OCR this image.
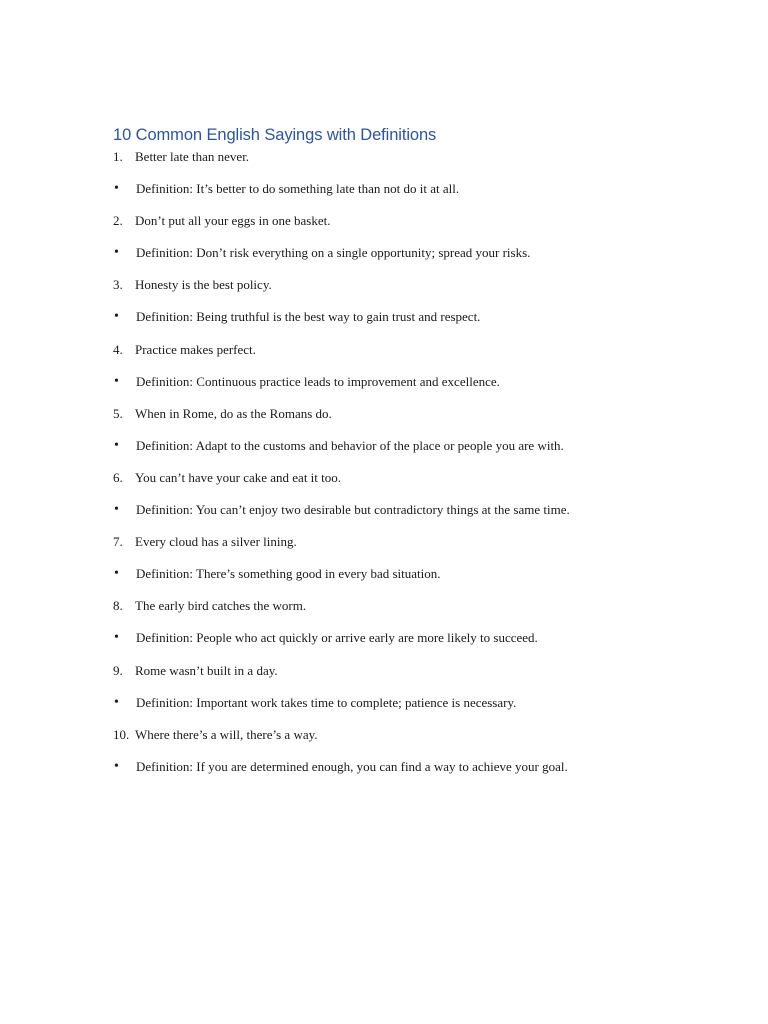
10 Common English Sayings with Definitions
1. Better late than never.
•	Definition: It’s better to do something late than not do it at all.
2. Don’t put all your eggs in one basket.
•	Definition: Don’t risk everything on a single opportunity; spread your risks.
3. Honesty is the best policy.
•	Definition: Being truthful is the best way to gain trust and respect.
4. Practice makes perfect.
•	Definition: Continuous practice leads to improvement and excellence.
5. When in Rome, do as the Romans do.
•	Definition: Adapt to the customs and behavior of the place or people you are with.
6. You can’t have your cake and eat it too.
•	Definition: You can’t enjoy two desirable but contradictory things at the same time.
7. Every cloud has a silver lining.
•	Definition: There’s something good in every bad situation.
8. The early bird catches the worm.
•	Definition: People who act quickly or arrive early are more likely to succeed.
9. Rome wasn’t built in a day.
•	Definition: Important work takes time to complete; patience is necessary.
10. Where there’s a will, there’s a way.
•	Definition: If you are determined enough, you can find a way to achieve your goal.
